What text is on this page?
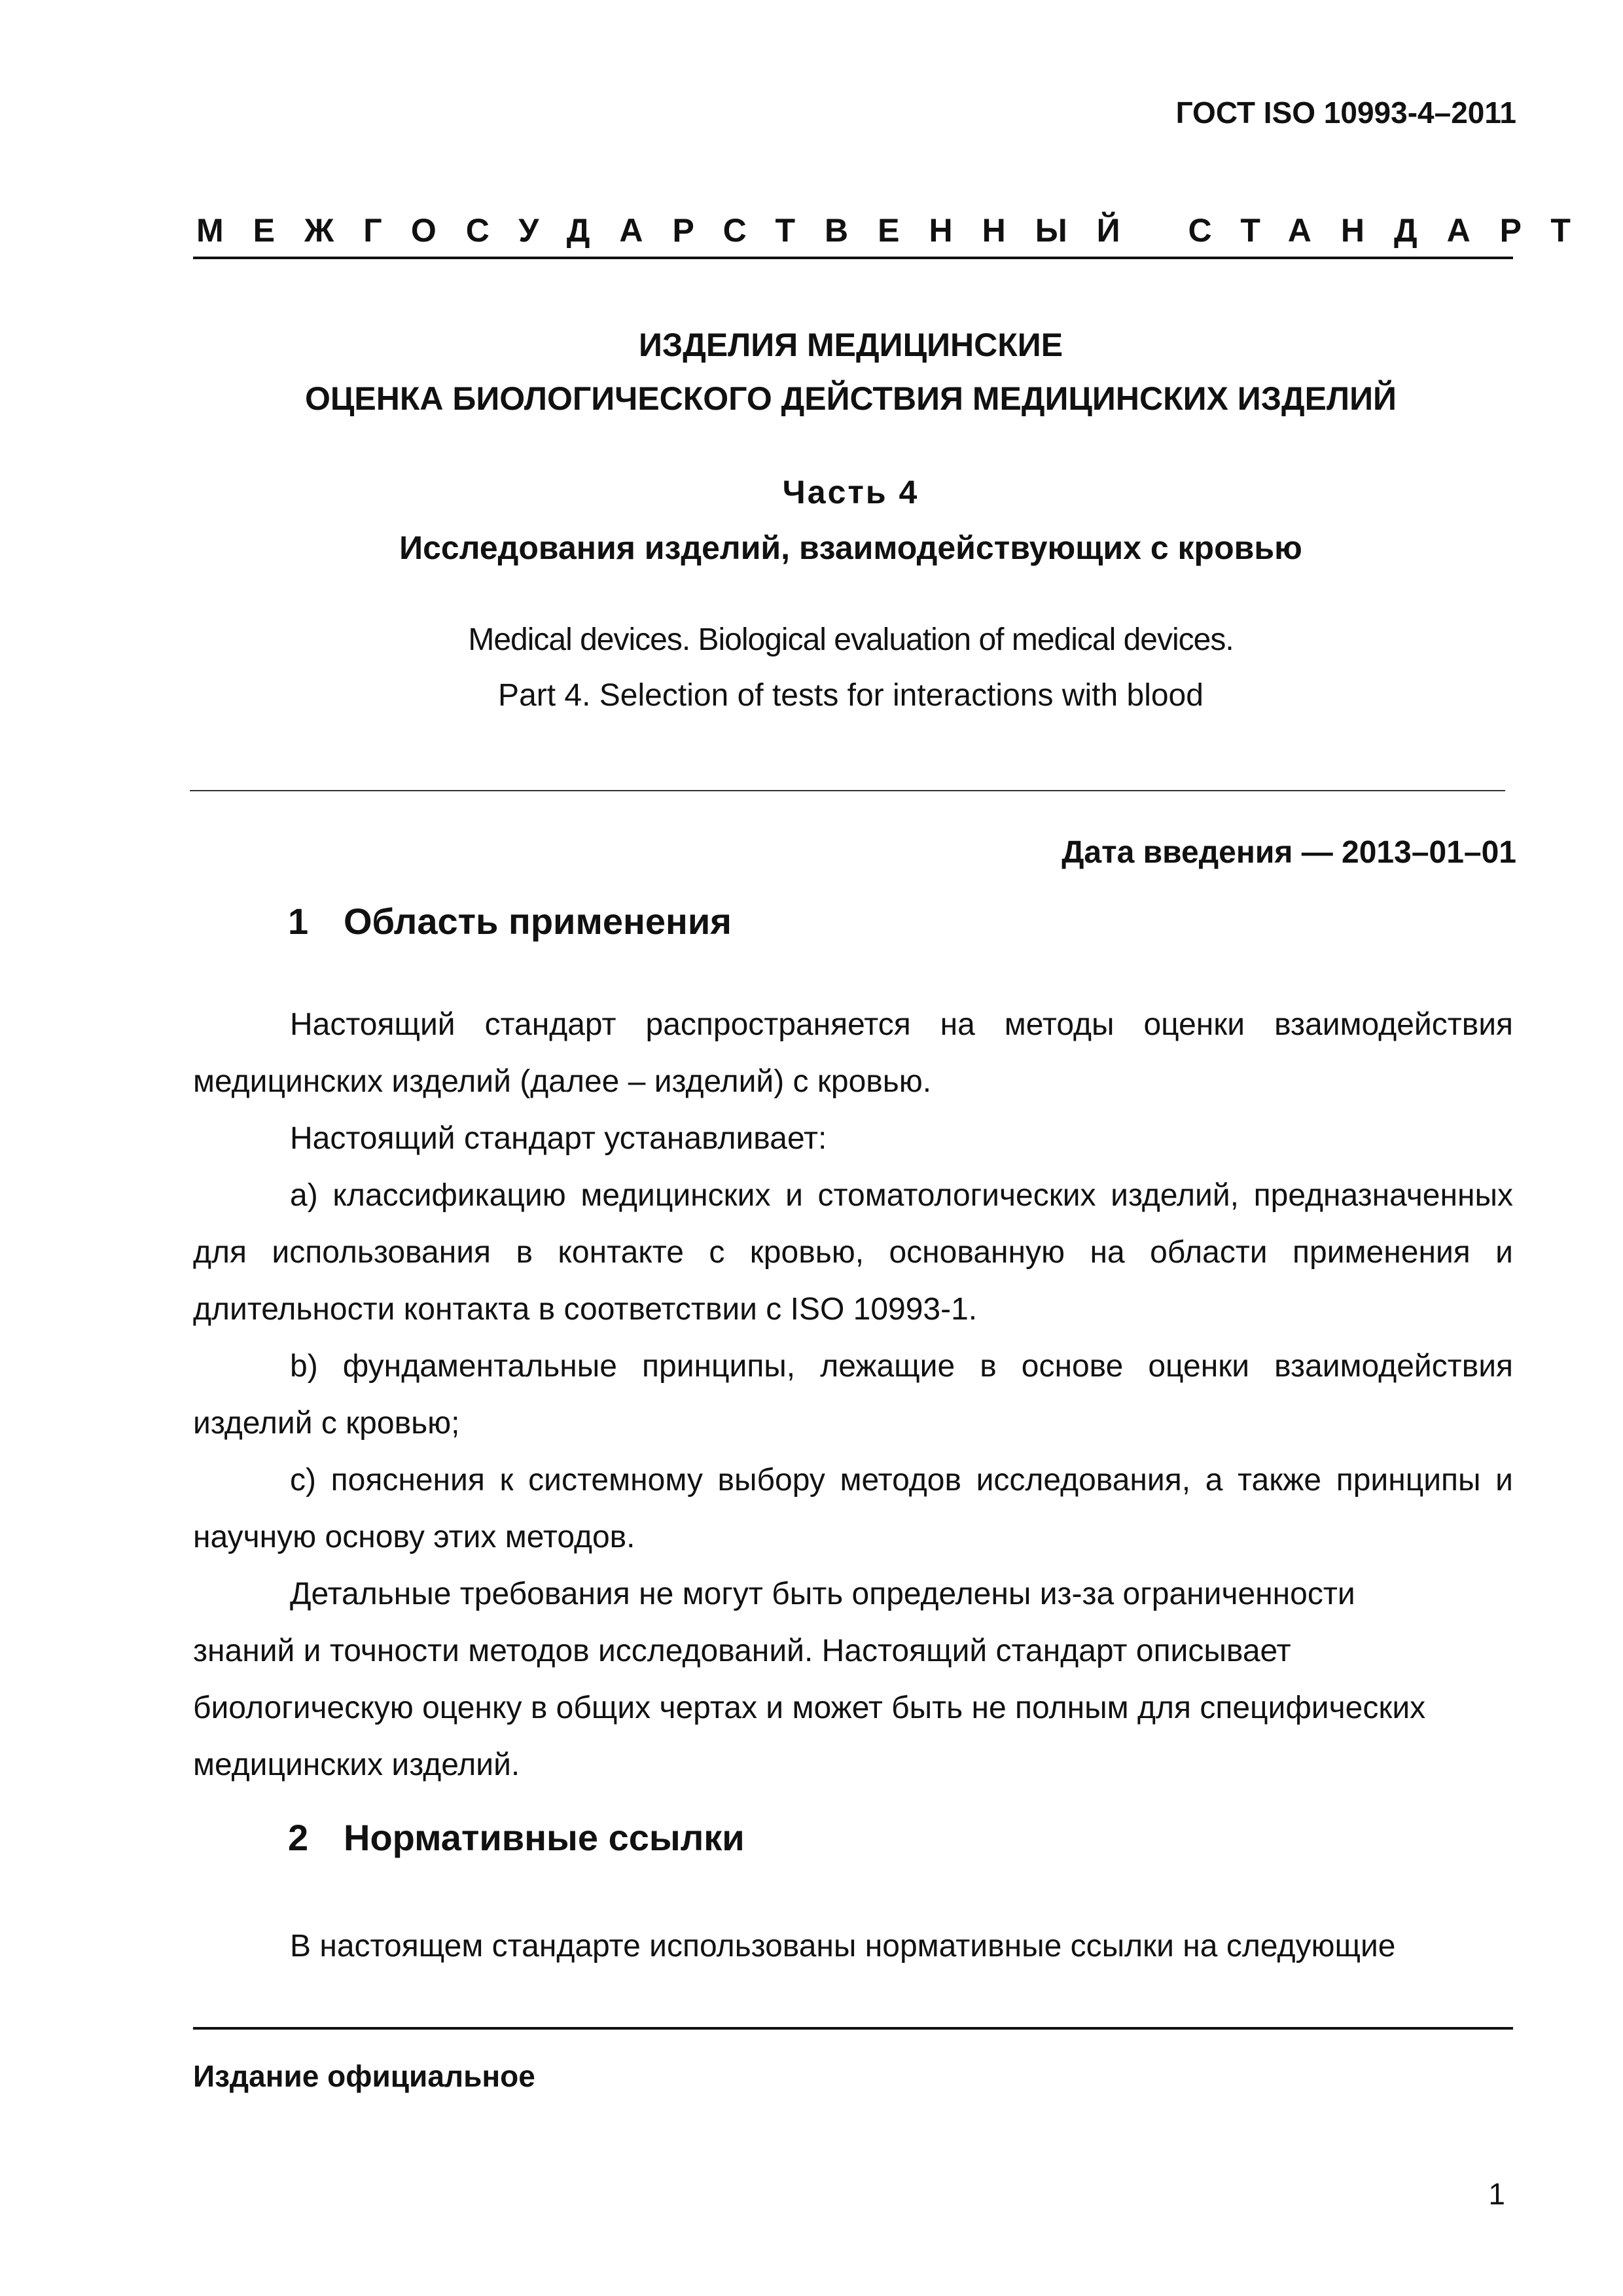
ГОСТ ISO 10993-4–2011
МЕЖГОСУДАРСТВЕННЫЙ СТАНДАРТ
ИЗДЕЛИЯ МЕДИЦИНСКИЕ
ОЦЕНКА БИОЛОГИЧЕСКОГО ДЕЙСТВИЯ МЕДИЦИНСКИХ ИЗДЕЛИЙ
Часть 4
Исследования изделий, взаимодействующих с кровью
Medical devices. Biological evaluation of medical devices.
Part 4. Selection of tests for interactions with blood
Дата введения — 2013–01–01
1 Область применения
Настоящий стандарт распространяется на методы оценки взаимодействия медицинских изделий (далее – изделий) с кровью.
Настоящий стандарт устанавливает:
a) классификацию медицинских и стоматологических изделий, предназначенных для использования в контакте с кровью, основанную на области применения и длительности контакта в соответствии с ISO 10993-1.
b) фундаментальные принципы, лежащие в основе оценки взаимодействия изделий с кровью;
c) пояснения к системному выбору методов исследования, а также принципы и научную основу этих методов.
Детальные требования не могут быть определены из-за ограниченности знаний и точности методов исследований. Настоящий стандарт описывает биологическую оценку в общих чертах и может быть не полным для специфических медицинских изделий.
2 Нормативные ссылки
В настоящем стандарте использованы нормативные ссылки на следующие
Издание официальное
1
